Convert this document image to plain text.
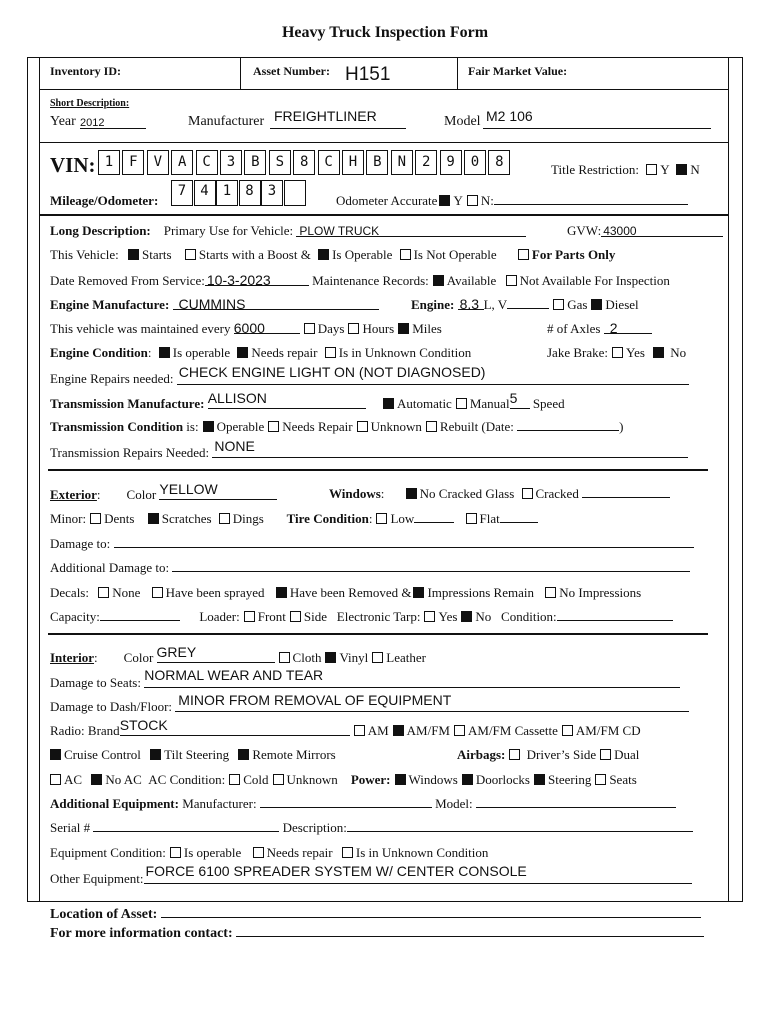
Heavy Truck Inspection Form
Inventory ID:	Asset Number: H151	Fair Market Value:
Short Description:
Year 2012	Manufacturer FREIGHTLINER	Model M2 106
VIN: 1	F	V	A	C	3	B	S	8	C	H	B	N	2	9	0	8	Title Restriction: Y N
Mileage/Odometer:
7	4	1	8	3
Odometer Accurate Y N:
Long Description: Primary Use for Vehicle: PLOW TRUCK	GVW: 43000
This Vehicle: Starts Starts with a Boost & Is Operable Is Not Operable	For Parts Only
Date Removed From Service: 10-3-2023	Maintenance Records: Available Not Available For Inspection
Engine Manufacture: CUMMINS	Engine: 8.3 L, V	Gas Diesel
This vehicle was maintained every 6000	Days Hours Miles	# of Axles 2
Engine Condition: Is operable Needs repair Is in Unknown Condition	Jake Brake: Yes No
Engine Repairs needed: CHECK ENGINE LIGHT ON (NOT DIAGNOSED)
Transmission Manufacture: ALLISON	Automatic Manual5 Speed
Transmission Condition is: Operable Needs Repair Unknown Rebuilt (Date:	)
Transmission Repairs Needed: NONE
Exterior:        Color YELLOW	Windows: No Cracked Glass Cracked
Minor: Dents Scratches Dings Tire Condition: Low	Flat
Damage to:
Additional Damage to:
Decals: None Have been sprayed Have been Removed & Impressions Remain No Impressions
Capacity:	Loader: Front Side Electronic Tarp: Yes No Condition:
Interior:        Color GREY	Cloth Vinyl Leather
Damage to Seats: NORMAL WEAR AND TEAR
Damage to Dash/Floor: MINOR FROM REMOVAL OF EQUIPMENT
Radio: BrandSTOCK	AM AM/FM AM/FM Cassette AM/FM CD
Cruise Control Tilt Steering Remote Mirrors	Airbags: Driver’s Side Dual
AC No AC AC Condition: Cold Unknown Power: Windows Doorlocks Steering Seats
Additional Equipment: Manufacturer:	Model:
Serial #	Description:
Equipment Condition: Is operable Needs repair Is in Unknown Condition
Other Equipment: FORCE 6100 SPREADER SYSTEM W/ CENTER CONSOLE
Location of Asset:
For more information contact:
